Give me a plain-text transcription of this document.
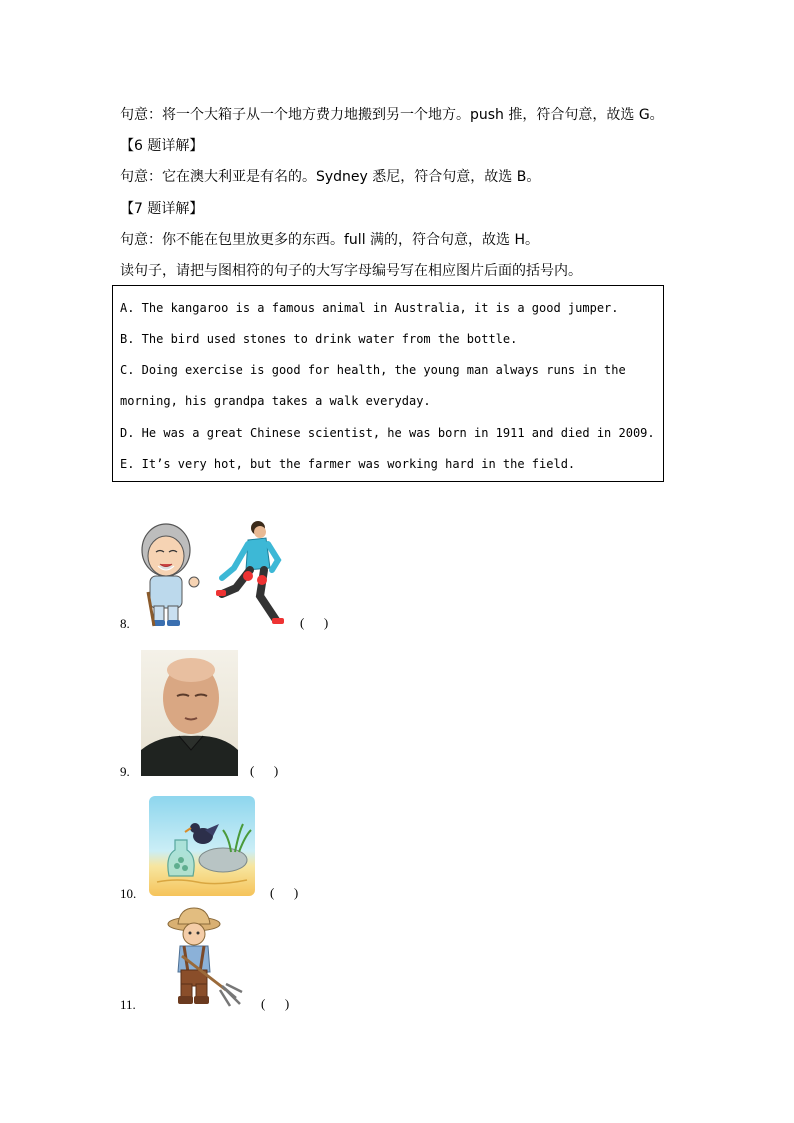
句意：将一个大箱子从一个地方费力地搬到另一个地方。push 推，符合句意，故选 G。
【6 题详解】
句意：它在澳大利亚是有名的。Sydney 悉尼，符合句意，故选 B。
【7 题详解】
句意：你不能在包里放更多的东西。full 满的，符合句意，故选 H。
读句子，请把与图相符的句子的大写字母编号写在相应图片后面的括号内。
A. The kangaroo is a famous animal in Australia, it is a good jumper.
B. The bird used stones to drink water from the bottle.
C. Doing exercise is good for health, the young man always runs in the
morning, his grandpa takes a walk everyday.
D. He was a great Chinese scientist, he was born in 1911 and died in 2009.
E. It’s very hot, but the farmer was working hard in the field.
8.	(      )
9.	(      )
10.	(      )
11.	(      )
